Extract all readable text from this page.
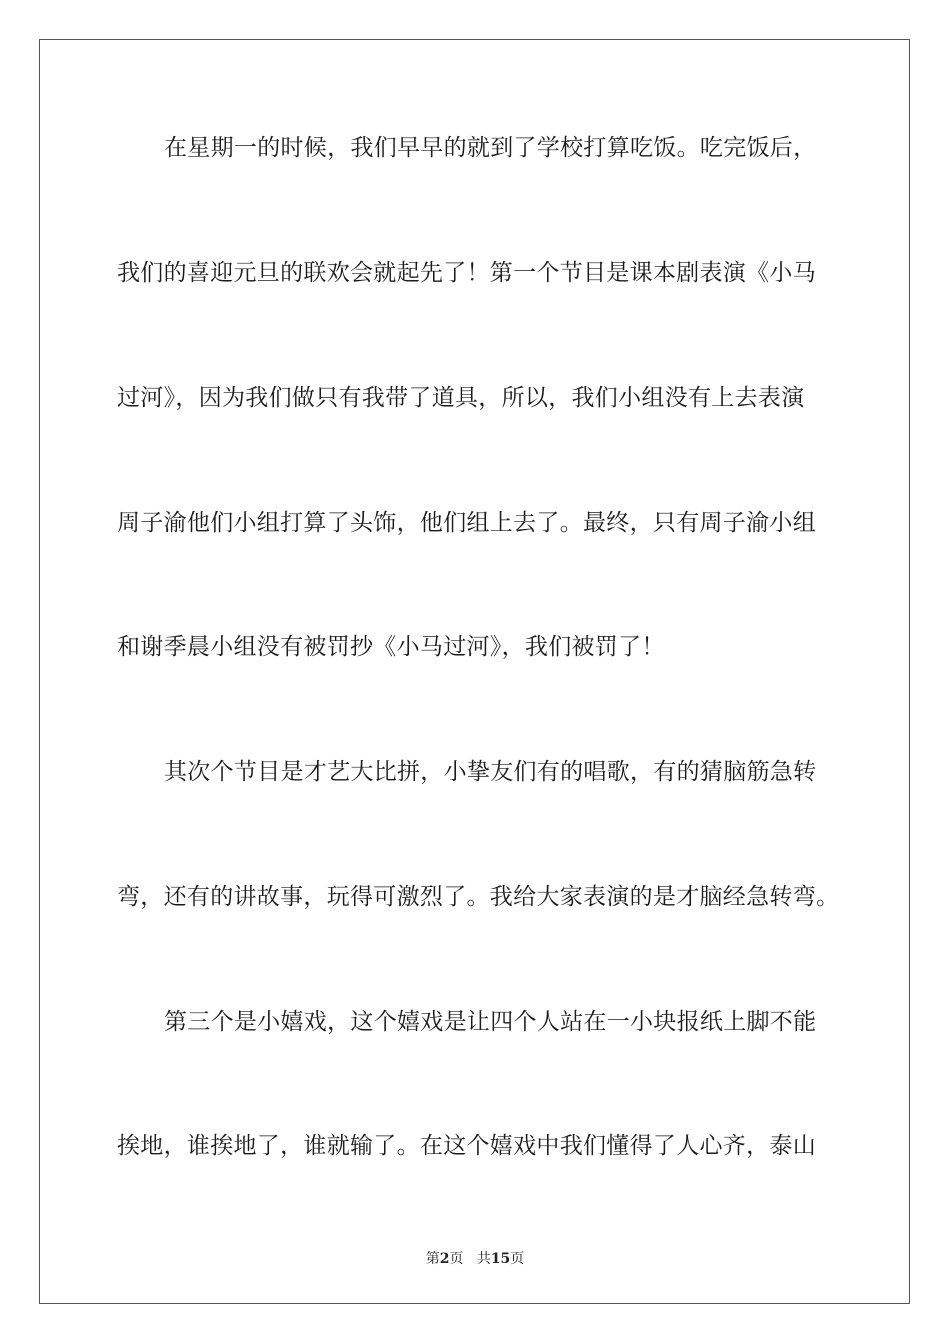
在星期一的时候，我们早早的就到了学校打算吃饭。吃完饭后，
我们的喜迎元旦的联欢会就起先了！第一个节目是课本剧表演《小马
过河》，因为我们做只有我带了道具，所以，我们小组没有上去表演
周子渝他们小组打算了头饰，他们组上去了。最终，只有周子渝小组
和谢季晨小组没有被罚抄《小马过河》，我们被罚了！
其次个节目是才艺大比拼，小挚友们有的唱歌，有的猜脑筋急转
弯，还有的讲故事，玩得可激烈了。我给大家表演的是才脑经急转弯。
第三个是小嬉戏，这个嬉戏是让四个人站在一小块报纸上脚不能
挨地，谁挨地了，谁就输了。在这个嬉戏中我们懂得了人心齐，泰山
第2页 共15页
